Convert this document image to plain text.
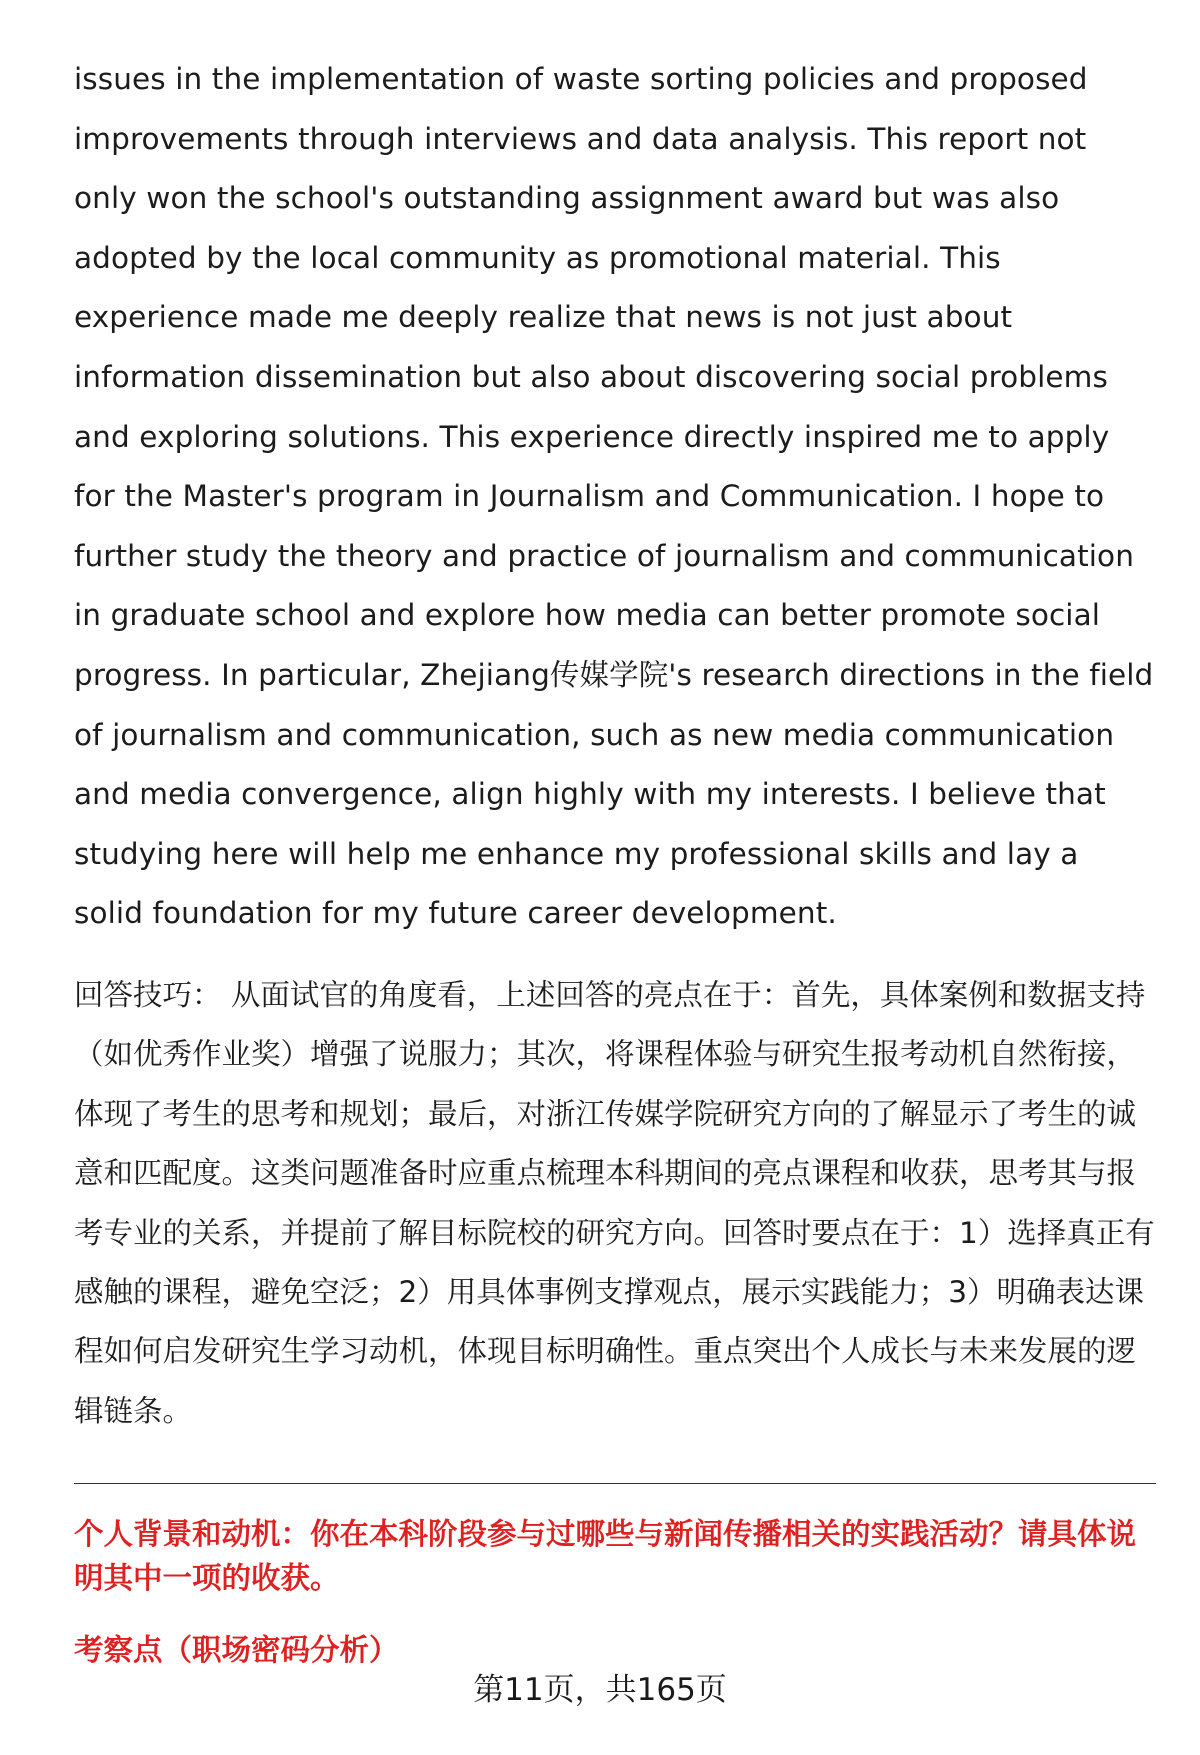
issues in the implementation of waste sorting policies and proposed improvements through interviews and data analysis. This report not only won the school's outstanding assignment award but was also adopted by the local community as promotional material. This experience made me deeply realize that news is not just about information dissemination but also about discovering social problems and exploring solutions. This experience directly inspired me to apply for the Master's program in Journalism and Communication. I hope to further study the theory and practice of journalism and communication in graduate school and explore how media can better promote social progress. In particular, Zhejiang传媒学院's research directions in the field of journalism and communication, such as new media communication and media convergence, align highly with my interests. I believe that studying here will help me enhance my professional skills and lay a solid foundation for my future career development.

回答技巧： 从面试官的角度看，上述回答的亮点在于：首先，具体案例和数据支持（如优秀作业奖）增强了说服力；其次，将课程体验与研究生报考动机自然衔接，体现了考生的思考和规划；最后，对浙江传媒学院研究方向的了解显示了考生的诚意和匹配度。这类问题准备时应重点梳理本科期间的亮点课程和收获，思考其与报考专业的关系，并提前了解目标院校的研究方向。回答时要点在于：1）选择真正有感触的课程，避免空泛；2）用具体事例支撑观点，展示实践能力；3）明确表达课程如何启发研究生学习动机，体现目标明确性。重点突出个人成长与未来发展的逻辑链条。

个人背景和动机：你在本科阶段参与过哪些与新闻传播相关的实践活动？请具体说明其中一项的收获。

考察点（职场密码分析）

第11页，共165页
